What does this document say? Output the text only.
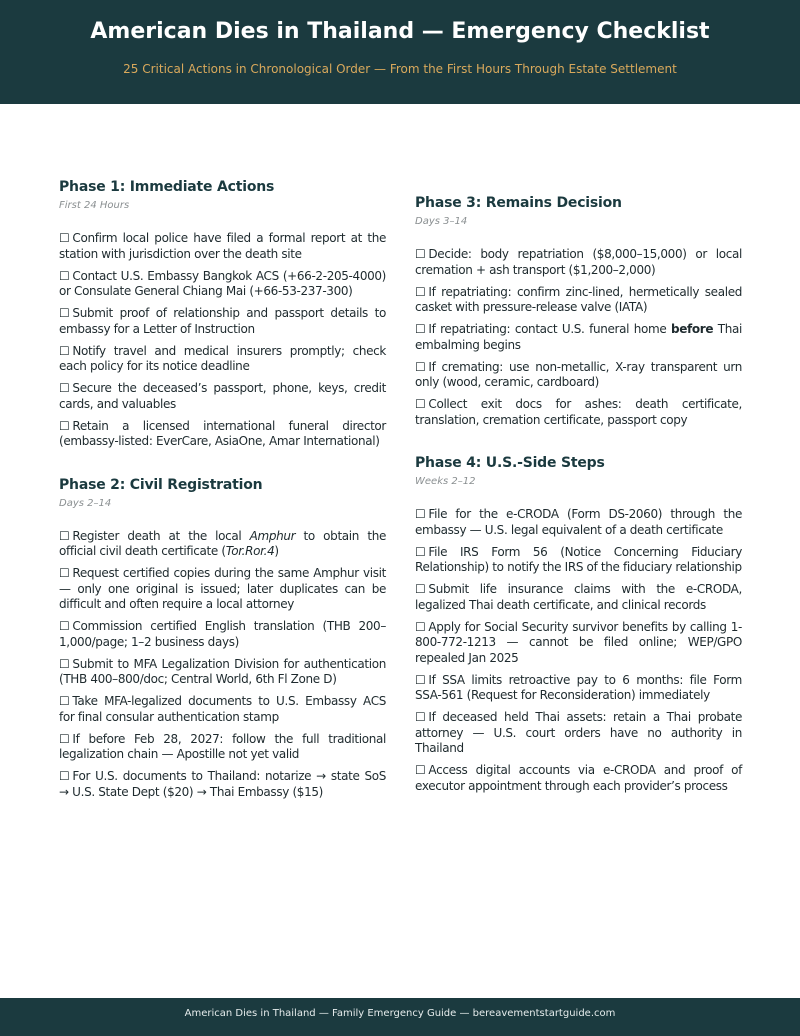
American Dies in Thailand — Emergency Checklist
25 Critical Actions in Chronological Order — From the First Hours Through Estate Settlement
Phase 1: Immediate Actions
First 24 Hours
☐ Confirm local police have filed a formal report at the station with jurisdiction over the death site
☐ Contact U.S. Embassy Bangkok ACS (+66-2-205-4000) or Consulate General Chiang Mai (+66-53-237-300)
☐ Submit proof of relationship and passport details to embassy for a Letter of Instruction
☐ Notify travel and medical insurers promptly; check each policy for its notice deadline
☐ Secure the deceased’s passport, phone, keys, credit cards, and valuables
☐ Retain a licensed international funeral director (embassy-listed: EverCare, AsiaOne, Amar International)
Phase 2: Civil Registration
Days 2–14
☐ Register death at the local Amphur to obtain the official civil death certificate (Tor.Ror.4)
☐ Request certified copies during the same Amphur visit — only one original is issued; later duplicates can be difficult and often require a local attorney
☐ Commission certified English translation (THB 200–1,000/page; 1–2 business days)
☐ Submit to MFA Legalization Division for authentication (THB 400–800/doc; Central World, 6th Fl Zone D)
☐ Take MFA-legalized documents to U.S. Embassy ACS for final consular authentication stamp
☐ If before Feb 28, 2027: follow the full traditional legalization chain — Apostille not yet valid
☐ For U.S. documents to Thailand: notarize → state SoS → U.S. State Dept ($20) → Thai Embassy ($15)
Phase 3: Remains Decision
Days 3–14
☐ Decide: body repatriation ($8,000–15,000) or local cremation + ash transport ($1,200–2,000)
☐ If repatriating: confirm zinc-lined, hermetically sealed casket with pressure-release valve (IATA)
☐ If repatriating: contact U.S. funeral home before Thai embalming begins
☐ If cremating: use non-metallic, X-ray transparent urn only (wood, ceramic, cardboard)
☐ Collect exit docs for ashes: death certificate, translation, cremation certificate, passport copy
Phase 4: U.S.-Side Steps
Weeks 2–12
☐ File for the e-CRODA (Form DS-2060) through the embassy — U.S. legal equivalent of a death certificate
☐ File IRS Form 56 (Notice Concerning Fiduciary Relationship) to notify the IRS of the fiduciary relationship
☐ Submit life insurance claims with the e-CRODA, legalized Thai death certificate, and clinical records
☐ Apply for Social Security survivor benefits by calling 1-800-772-1213 — cannot be filed online; WEP/GPO repealed Jan 2025
☐ If SSA limits retroactive pay to 6 months: file Form SSA-561 (Request for Reconsideration) immediately
☐ If deceased held Thai assets: retain a Thai probate attorney — U.S. court orders have no authority in Thailand
☐ Access digital accounts via e-CRODA and proof of executor appointment through each provider’s process
American Dies in Thailand — Family Emergency Guide — bereavementstartguide.com
